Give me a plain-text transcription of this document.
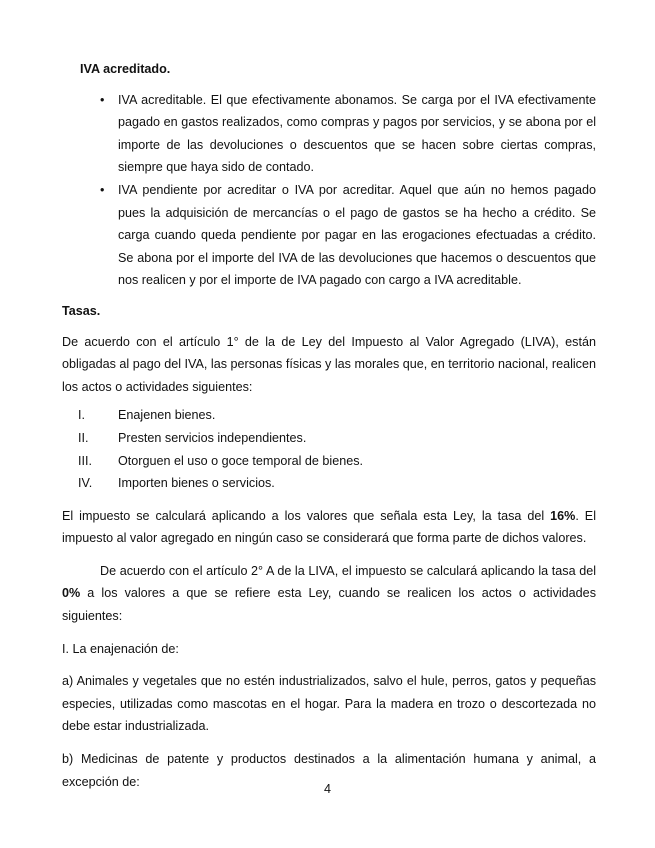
IVA acreditado.

• IVA acreditable. El que efectivamente abonamos. Se carga por el IVA efectivamente pagado en gastos realizados, como compras y pagos por servicios, y se abona por el importe de las devoluciones o descuentos que se hacen sobre ciertas compras, siempre que haya sido de contado.
• IVA pendiente por acreditar o IVA por acreditar. Aquel que aún no hemos pagado pues la adquisición de mercancías o el pago de gastos se ha hecho a crédito. Se carga cuando queda pendiente por pagar en las erogaciones efectuadas a crédito. Se abona por el importe del IVA de las devoluciones que hacemos o descuentos que nos realicen y por el importe de IVA pagado con cargo a IVA acreditable.

Tasas.

De acuerdo con el artículo 1° de la de Ley del Impuesto al Valor Agregado (LIVA), están obligadas al pago del IVA, las personas físicas y las morales que, en territorio nacional, realicen los actos o actividades siguientes:

I.	Enajenen bienes.
II. Presten servicios independientes.
III. Otorguen el uso o goce temporal de bienes.
IV. Importen bienes o servicios.

El impuesto se calculará aplicando a los valores que señala esta Ley, la tasa del 16%. El impuesto al valor agregado en ningún caso se considerará que forma parte de dichos valores.

De acuerdo con el artículo 2° A de la LIVA, el impuesto se calculará aplicando la tasa del 0% a los valores a que se refiere esta Ley, cuando se realicen los actos o actividades siguientes:

I. La enajenación de:

a) Animales y vegetales que no estén industrializados, salvo el hule, perros, gatos y pequeñas especies, utilizadas como mascotas en el hogar. Para la madera en trozo o descortezada no debe estar industrializada.

b) Medicinas de patente y productos destinados a la alimentación humana y animal, a excepción de:

4
